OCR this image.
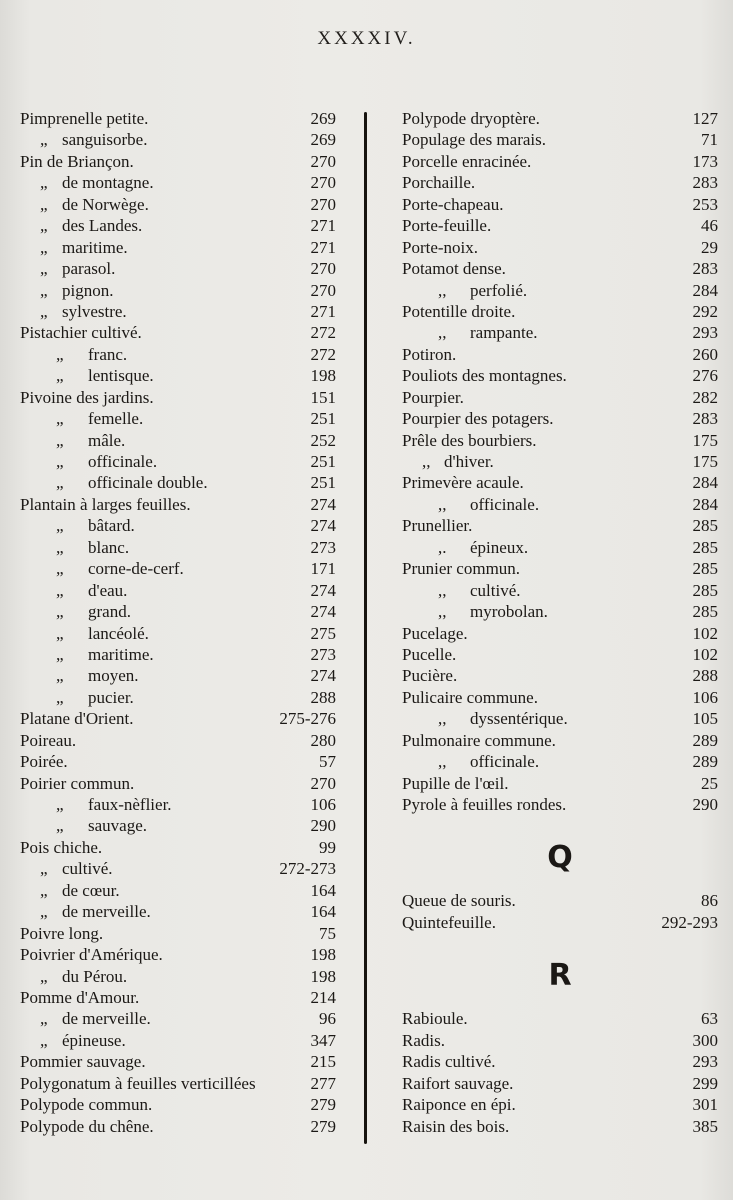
XXXXIV.
Pimprenelle petite.	269
„ sanguisorbe.	269
Pin de Briançon.	270
„ de montagne.	270
„ de Norwège.	270
„ des Landes.	271
„ maritime.	271
„ parasol.	270
„ pignon.	270
„ sylvestre.	271
Pistachier cultivé.	272
„	franc.	272
„	lentisque.	198
Pivoine des jardins.	151
„	femelle.	251
„	mâle.	252
„	officinale.	251
„	officinale double.	251
Plantain à larges feuilles.	274
„	bâtard.	274
„	blanc.	273
„	corne-de-cerf.	171
„	d'eau.	274
„	grand.	274
„	lancéolé.	275
„	maritime.	273
„	moyen.	274
„	pucier.	288
Platane d'Orient.	275-276
Poireau.	280
Poirée.	57
Poirier commun.	270
„	faux-nèflier.	106
„	sauvage.	290
Pois chiche.	99
„ cultivé.	272-273
„ de cœur.	164
„ de merveille.	164
Poivre long.	75
Poivrier d'Amérique.	198
„ du Pérou.	198
Pomme d'Amour.	214
„ de merveille.	96
„ épineuse.	347
Pommier sauvage.	215
Polygonatum à feuilles verticillées	277
Polypode commun.	279
Polypode du chêne.	279
Polypode dryoptère.	127
Populage des marais.	71
Porcelle enracinée.	173
Porchaille.	283
Porte-chapeau.	253
Porte-feuille.	46
Porte-noix.	29
Potamot dense.	283
,,	perfolié.	284
Potentille droite.	292
,,	rampante.	293
Potiron.	260
Pouliots des montagnes.	276
Pourpier.	282
Pourpier des potagers.	283
Prêle des bourbiers.	175
,, d'hiver.	175
Primevère acaule.	284
,,	officinale.	284
Prunellier.	285
,.	épineux.	285
Prunier commun.	285
,,	cultivé.	285
,,	myrobolan.	285
Pucelage.	102
Pucelle.	102
Pucière.	288
Pulicaire commune.	106
,,	dyssentérique.	105
Pulmonaire commune.	289
,,	officinale.	289
Pupille de l'œil.	25
Pyrole à feuilles rondes.	290
Q
Queue de souris.	86
Quintefeuille.	292-293
R
Rabioule.	63
Radis.	300
Radis cultivé.	293
Raifort sauvage.	299
Raiponce en épi.	301
Raisin des bois.	385
